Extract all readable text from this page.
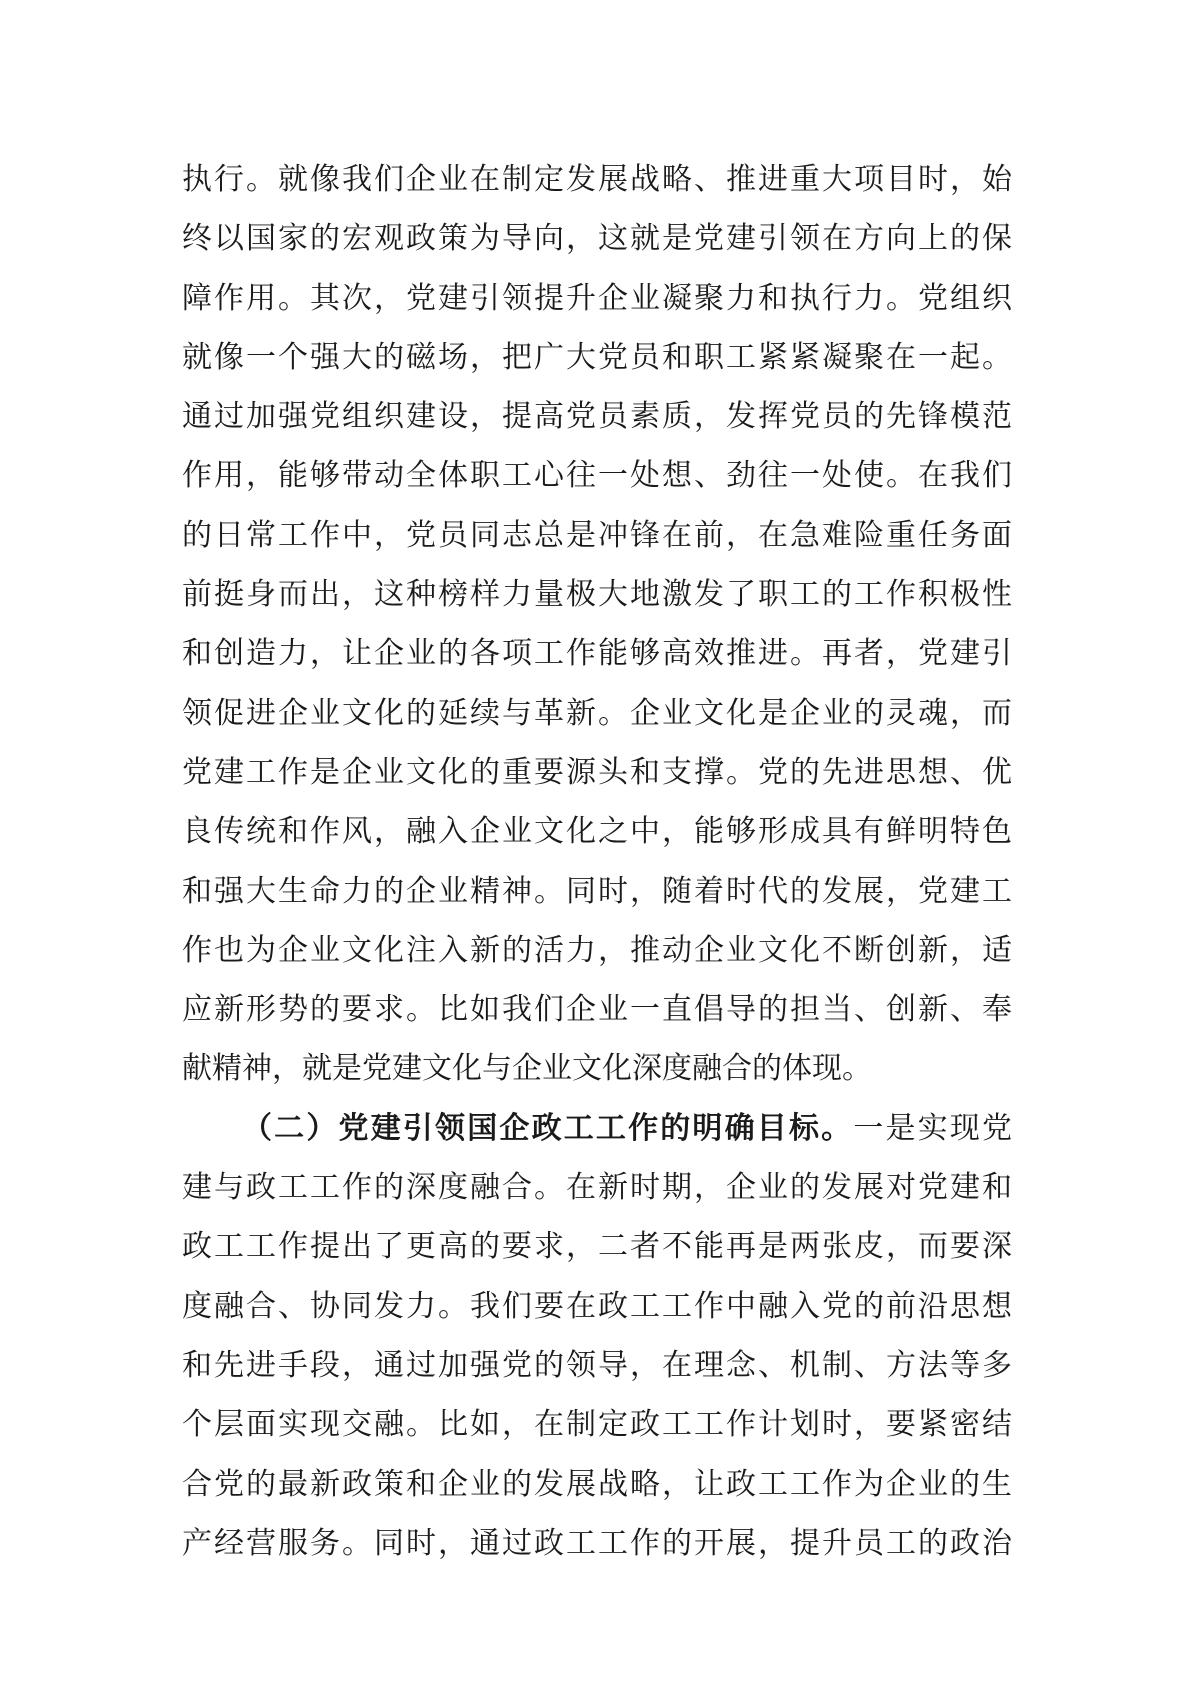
执行。就像我们企业在制定发展战略、推进重大项目时，始
终以国家的宏观政策为导向，这就是党建引领在方向上的保
障作用。其次，党建引领提升企业凝聚力和执行力。党组织
就像一个强大的磁场，把广大党员和职工紧紧凝聚在一起。
通过加强党组织建设，提高党员素质，发挥党员的先锋模范
作用，能够带动全体职工心往一处想、劲往一处使。在我们
的日常工作中，党员同志总是冲锋在前，在急难险重任务面
前挺身而出，这种榜样力量极大地激发了职工的工作积极性
和创造力，让企业的各项工作能够高效推进。再者，党建引
领促进企业文化的延续与革新。企业文化是企业的灵魂，而
党建工作是企业文化的重要源头和支撑。党的先进思想、优
良传统和作风，融入企业文化之中，能够形成具有鲜明特色
和强大生命力的企业精神。同时，随着时代的发展，党建工
作也为企业文化注入新的活力，推动企业文化不断创新，适
应新形势的要求。比如我们企业一直倡导的担当、创新、奉
献精神，就是党建文化与企业文化深度融合的体现。
（二）党建引领国企政工工作的明确目标。一是实现党
建与政工工作的深度融合。在新时期，企业的发展对党建和
政工工作提出了更高的要求，二者不能再是两张皮，而要深
度融合、协同发力。我们要在政工工作中融入党的前沿思想
和先进手段，通过加强党的领导，在理念、机制、方法等多
个层面实现交融。比如，在制定政工工作计划时，要紧密结
合党的最新政策和企业的发展战略，让政工工作为企业的生
产经营服务。同时，通过政工工作的开展，提升员工的政治
